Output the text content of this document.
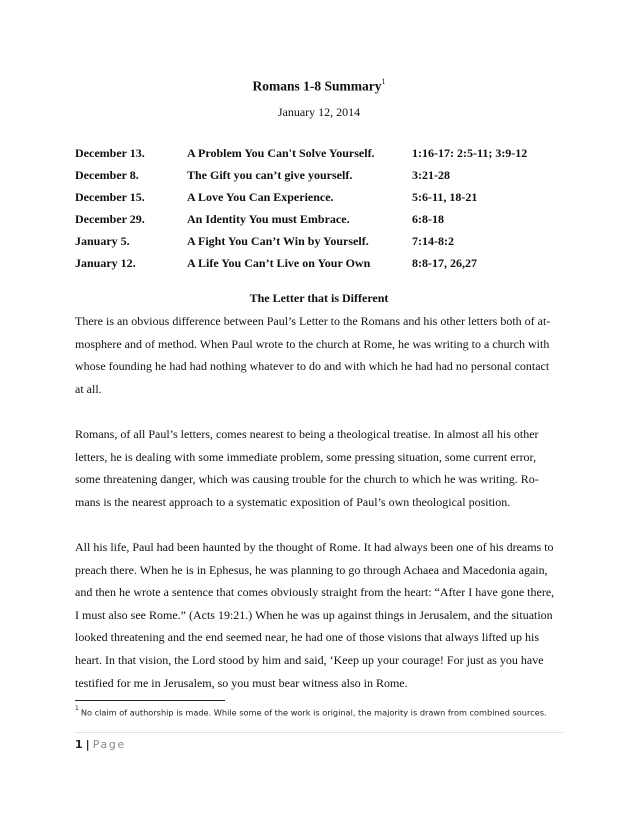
Romans 1-8 Summary$^1$
January 12, 2014
December 13.	A Problem You Can't Solve Yourself.	1:16-17: 2:5-11; 3:9-12
December 8.	The Gift you can’t give yourself.	3:21-28
December 15.	A Love You Can Experience.	5:6-11, 18-21
December 29.	An Identity You must Embrace.	6:8-18
January 5.	A Fight You Can’t Win by Yourself.	7:14-8:2
January 12.	A Life You Can’t Live on Your Own	8:8-17, 26,27
The Letter that is Different
There is an obvious difference between Paul’s Letter to the Romans and his other letters both of at-
mosphere and of method. When Paul wrote to the church at Rome, he was writing to a church with
whose founding he had had nothing whatever to do and with which he had had no personal contact
at all.
Romans, of all Paul’s letters, comes nearest to being a theological treatise. In almost all his other
letters, he is dealing with some immediate problem, some pressing situation, some current error,
some threatening danger, which was causing trouble for the church to which he was writing. Ro-
mans is the nearest approach to a systematic exposition of Paul’s own theological position.
All his life, Paul had been haunted by the thought of Rome. It had always been one of his dreams to
preach there. When he is in Ephesus, he was planning to go through Achaea and Macedonia again,
and then he wrote a sentence that comes obviously straight from the heart: “After I have gone there,
I must also see Rome.” (Acts 19:21.) When he was up against things in Jerusalem, and the situation
looked threatening and the end seemed near, he had one of those visions that always lifted up his
heart. In that vision, the Lord stood by him and said, ‘Keep up your courage! For just as you have
testified for me in Jerusalem, so you must bear witness also in Rome.
$^1$ No claim of authorship is made. While some of the work is original, the majority is drawn from combined sources.
1 | Page
